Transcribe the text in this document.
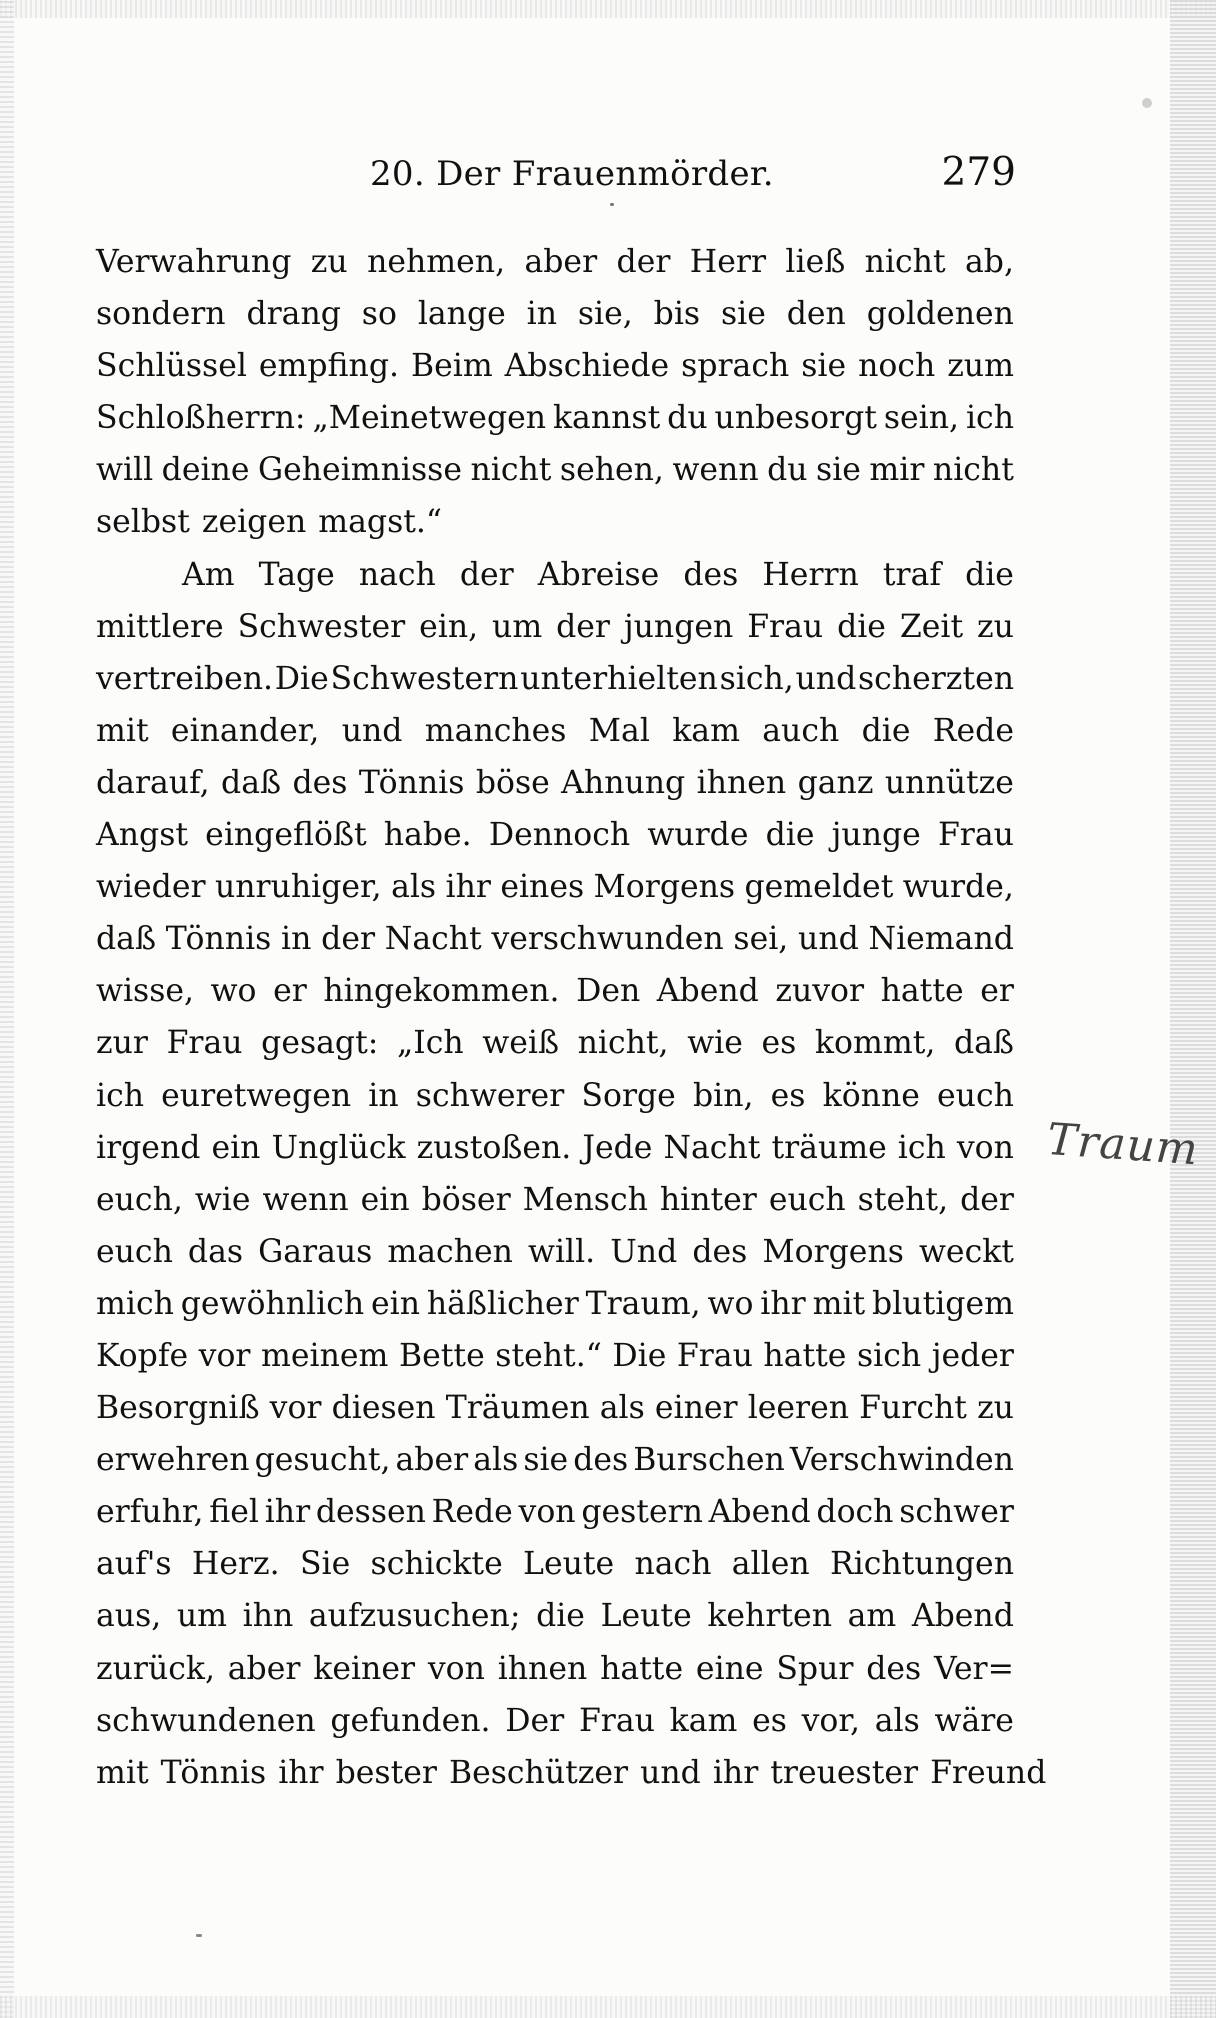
20. Der Frauenmörder.	279
Verwahrung zu nehmen, aber der Herr ließ nicht ab,
sondern drang so lange in sie, bis sie den goldenen
Schlüssel empfing. Beim Abschiede sprach sie noch zum
Schloßherrn: „Meinetwegen kannst du unbesorgt sein, ich
will deine Geheimnisse nicht sehen, wenn du sie mir nicht
selbst zeigen magst.“
Am Tage nach der Abreise des Herrn traf die
mittlere Schwester ein, um der jungen Frau die Zeit zu
vertreiben. Die Schwestern unterhielten sich, und scherzten
mit einander, und manches Mal kam auch die Rede
darauf, daß des Tönnis böse Ahnung ihnen ganz unnütze
Angst eingeflößt habe. Dennoch wurde die junge Frau
wieder unruhiger, als ihr eines Morgens gemeldet wurde,
daß Tönnis in der Nacht verschwunden sei, und Niemand
wisse, wo er hingekommen. Den Abend zuvor hatte er
zur Frau gesagt: „Ich weiß nicht, wie es kommt, daß
ich euretwegen in schwerer Sorge bin, es könne euch
irgend ein Unglück zustoßen. Jede Nacht träume ich von
euch, wie wenn ein böser Mensch hinter euch steht, der
euch das Garaus machen will. Und des Morgens weckt
mich gewöhnlich ein häßlicher Traum, wo ihr mit blutigem
Kopfe vor meinem Bette steht.“ Die Frau hatte sich jeder
Besorgniß vor diesen Träumen als einer leeren Furcht zu
erwehren gesucht, aber als sie des Burschen Verschwinden
erfuhr, fiel ihr dessen Rede von gestern Abend doch schwer
auf's Herz. Sie schickte Leute nach allen Richtungen
aus, um ihn aufzusuchen; die Leute kehrten am Abend
zurück, aber keiner von ihnen hatte eine Spur des Ver=
schwundenen gefunden. Der Frau kam es vor, als wäre
mit Tönnis ihr bester Beschützer und ihr treuester Freund
Traum
